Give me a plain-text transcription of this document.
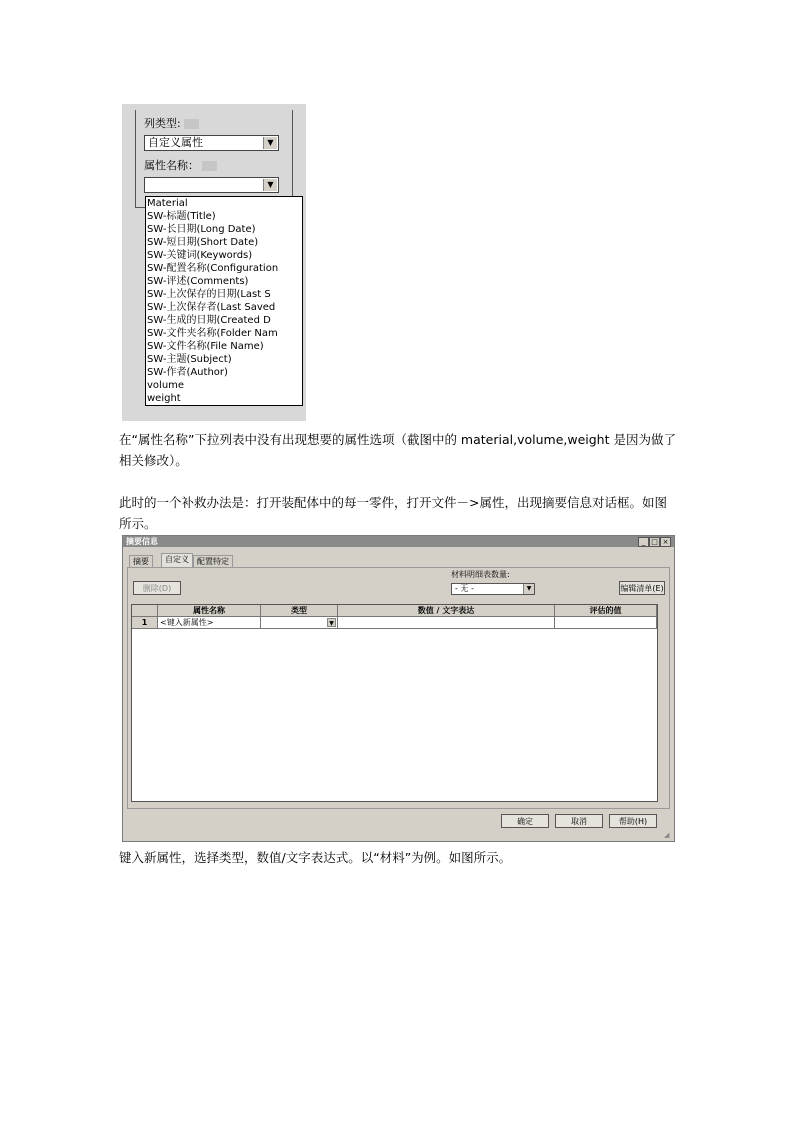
列类型:
自定义属性	▼
属性名称：
▼
Material
SW-标题(Title)
SW-长日期(Long Date)
SW-短日期(Short Date)
SW-关键词(Keywords)
SW-配置名称(Configuration
SW-评述(Comments)
SW-上次保存的日期(Last S
SW-上次保存者(Last Saved
SW-生成的日期(Created D
SW-文件夹名称(Folder Nam
SW-文件名称(File Name)
SW-主题(Subject)
SW-作者(Author)
volume
weight
在“属性名称”下拉列表中没有出现想要的属性选项（截图中的 material,volume,weight 是因为做了相关修改）。
此时的一个补救办法是：打开装配体中的每一零件，打开文件－>属性，出现摘要信息对话框。如图所示。
摘要信息	_ □ ×
摘要	自定义	配置特定
删除(D)
材料明细表数量:
- 无 -	▼	编辑清单(E)
属性名称	类型	数值 / 文字表达	评估的值
1	<键入新属性>	▼
确定	取消	帮助(H)
◢
键入新属性，选择类型，数值/文字表达式。以“材料”为例。如图所示。
